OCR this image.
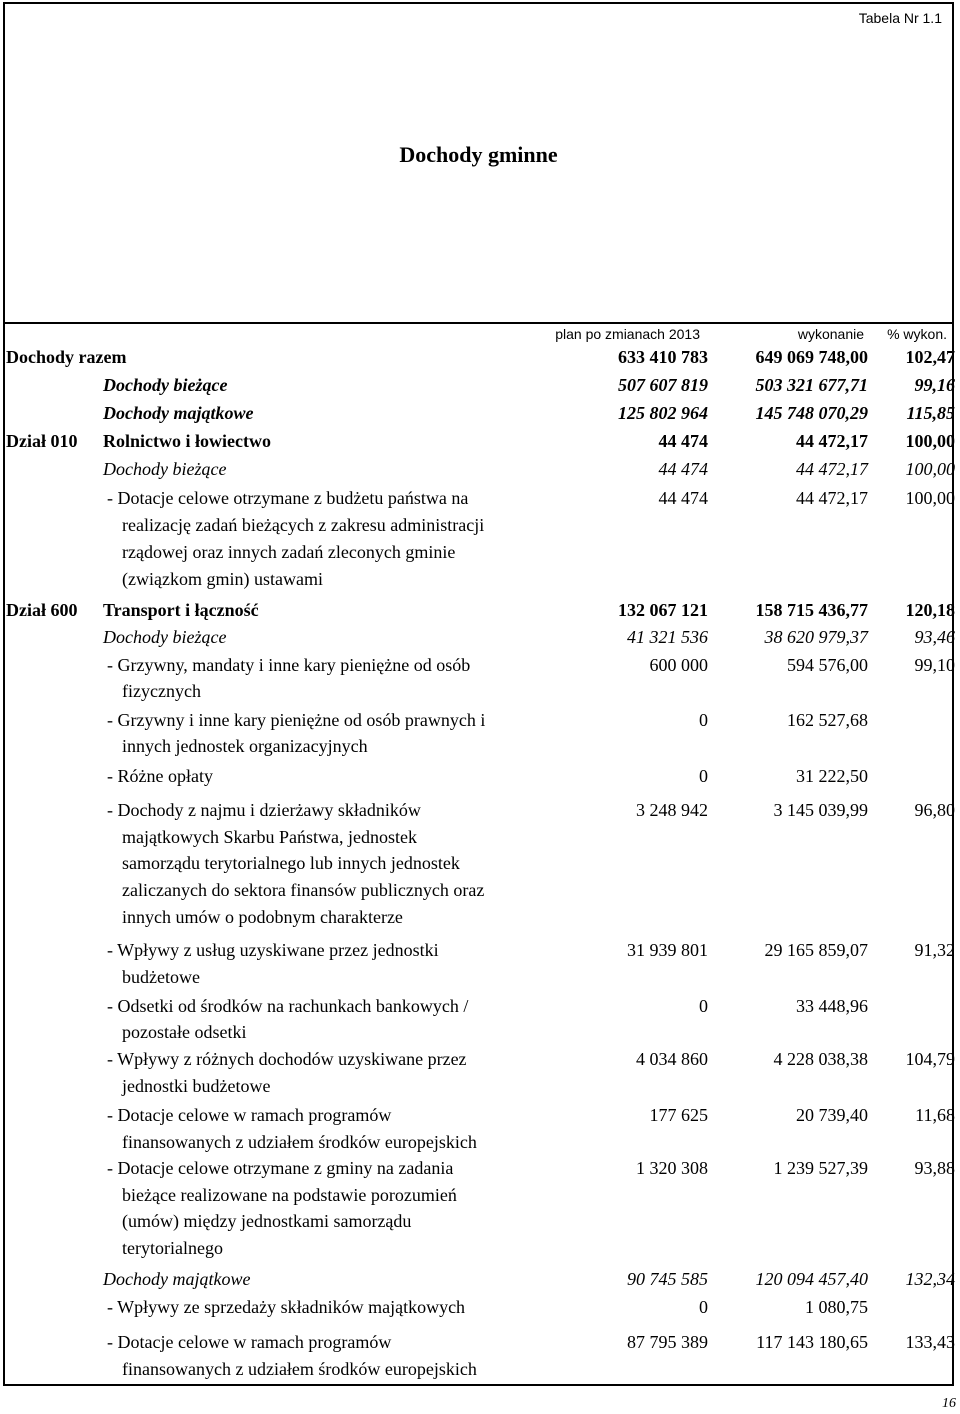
Tabela Nr 1.1
Dochody gminne
plan po zmianach 2013	wykonanie % wykon.
Dochody razem	633 410 783	649 069 748,00 102,47
Dochody bieżące	507 607 819	503 321 677,71	99,16
Dochody majątkowe	125 802 964	145 748 070,29 115,85
Dział 010 Rolnictwo i łowiectwo	44 474	44 472,17 100,00
Dochody bieżące	44 474	44 472,17 100,00
- Dotacje celowe otrzymane z budżetu państwa na
realizację zadań bieżących z zakresu administracji
rządowej oraz innych zadań zleconych gminie
(związkom gmin) ustawami
44 474	44 472,17 100,00
Dział 600 Transport i łączność	132 067 121	158 715 436,77 120,18
Dochody bieżące	41 321 536	38 620 979,37	93,46
- Grzywny, mandaty i inne kary pieniężne od osób
fizycznych
600 000	594 576,00	99,10
- Grzywny i inne kary pieniężne od osób prawnych i
innych jednostek organizacyjnych
0	162 527,68
- Różne opłaty	0	31 222,50
- Dochody z najmu i dzierżawy składników
majątkowych Skarbu Państwa, jednostek
samorządu terytorialnego lub innych jednostek
zaliczanych do sektora finansów publicznych oraz
innych umów o podobnym charakterze
3 248 942	3 145 039,99	96,80
- Wpływy z usług uzyskiwane przez jednostki
budżetowe
31 939 801	29 165 859,07	91,32
- Odsetki od środków na rachunkach bankowych /
pozostałe odsetki
0	33 448,96
- Wpływy z różnych dochodów uzyskiwane przez
jednostki budżetowe
4 034 860	4 228 038,38 104,79
- Dotacje celowe w ramach programów
finansowanych z udziałem środków europejskich
177 625	20 739,40	11,68
- Dotacje celowe otrzymane z gminy na zadania
bieżące realizowane na podstawie porozumień
(umów) między jednostkami samorządu
terytorialnego
1 320 308	1 239 527,39	93,88
Dochody majątkowe	90 745 585	120 094 457,40 132,34
- Wpływy ze sprzedaży składników majątkowych	0	1 080,75
- Dotacje celowe w ramach programów
finansowanych z udziałem środków europejskich
87 795 389	117 143 180,65 133,43
16
